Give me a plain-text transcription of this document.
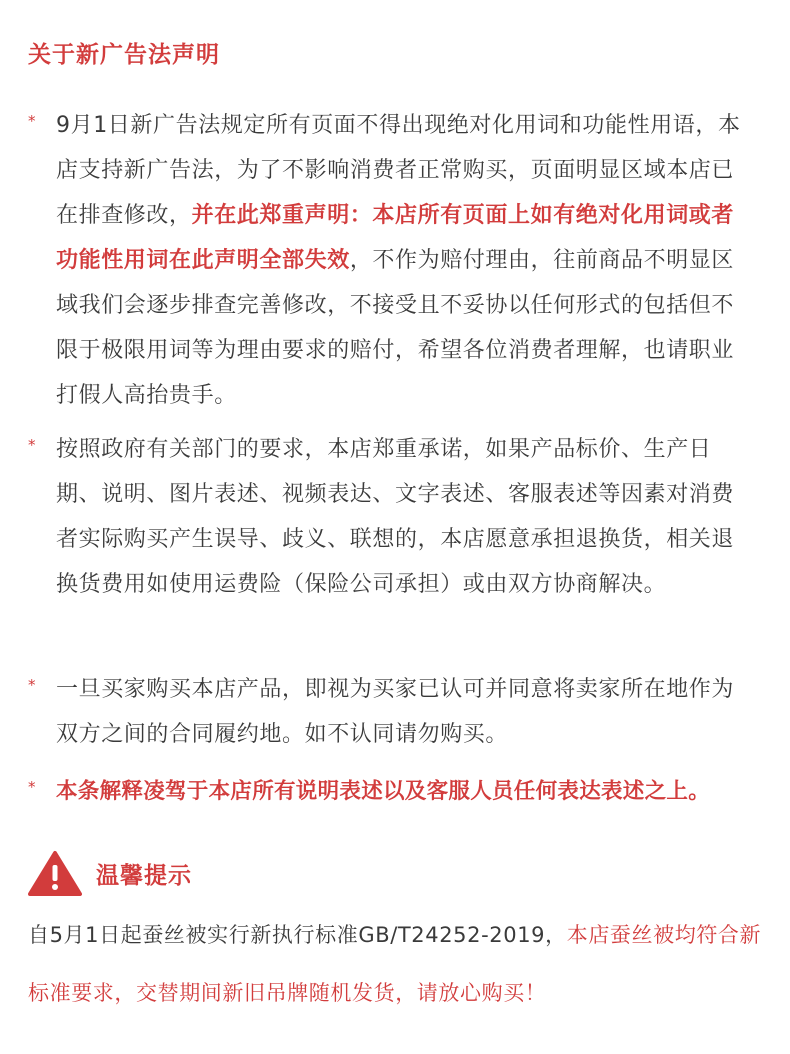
关于新广告法声明
* 9月1日新广告法规定所有页面不得出现绝对化用词和功能性用语，本店支持新广告法，为了不影响消费者正常购买，页面明显区域本店已在排查修改，并在此郑重声明：本店所有页面上如有绝对化用词或者功能性用词在此声明全部失效，不作为赔付理由，往前商品不明显区域我们会逐步排查完善修改，不接受且不妥协以任何形式的包括但不限于极限用词等为理由要求的赔付，希望各位消费者理解，也请职业打假人高抬贵手。
* 按照政府有关部门的要求，本店郑重承诺，如果产品标价、生产日期、说明、图片表述、视频表达、文字表述、客服表述等因素对消费者实际购买产生误导、歧义、联想的，本店愿意承担退换货，相关退换货费用如使用运费险（保险公司承担）或由双方协商解决。
* 一旦买家购买本店产品，即视为买家已认可并同意将卖家所在地作为双方之间的合同履约地。如不认同请勿购买。
* 本条解释凌驾于本店所有说明表述以及客服人员任何表达表述之上。
温馨提示
自5月1日起蚕丝被实行新执行标准GB/T24252-2019，本店蚕丝被均符合新标准要求，交替期间新旧吊牌随机发货，请放心购买！
